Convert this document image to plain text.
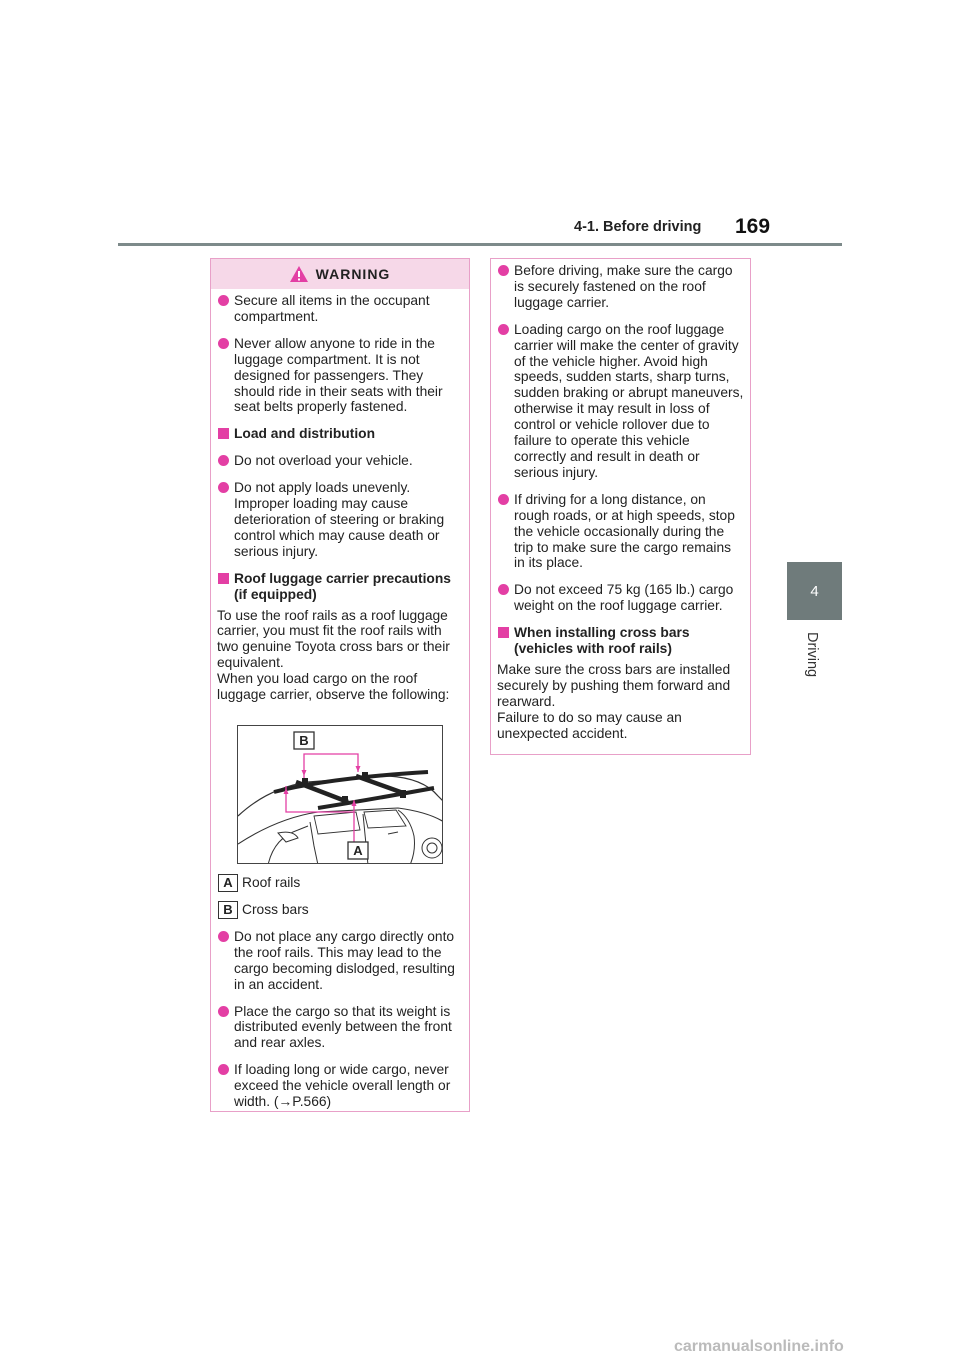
4-1. Before driving 169
4
Driving
WARNING
Secure all items in the occupant compartment.
Never allow anyone to ride in the luggage compartment. It is not designed for passengers. They should ride in their seats with their seat belts properly fastened.
Load and distribution
Do not overload your vehicle.
Do not apply loads unevenly. Improper loading may cause deterioration of steering or braking control which may cause death or serious injury.
Roof luggage carrier precautions (if equipped)
To use the roof rails as a roof luggage carrier, you must fit the roof rails with two genuine Toyota cross bars or their equivalent.
When you load cargo on the roof luggage carrier, observe the following:
B
A
A Roof rails
B Cross bars
Do not place any cargo directly onto the roof rails. This may lead to the cargo becoming dislodged, resulting in an accident.
Place the cargo so that its weight is distributed evenly between the front and rear axles.
If loading long or wide cargo, never exceed the vehicle overall length or width. (→P.566)
Before driving, make sure the cargo is securely fastened on the roof luggage carrier.
Loading cargo on the roof luggage carrier will make the center of gravity of the vehicle higher. Avoid high speeds, sudden starts, sharp turns, sudden braking or abrupt maneuvers, otherwise it may result in loss of control or vehicle rollover due to failure to operate this vehicle correctly and result in death or serious injury.
If driving for a long distance, on rough roads, or at high speeds, stop the vehicle occasionally during the trip to make sure the cargo remains in its place.
Do not exceed 75 kg (165 lb.) cargo weight on the roof luggage carrier.
When installing cross bars (vehicles with roof rails)
Make sure the cross bars are installed securely by pushing them forward and rearward.
Failure to do so may cause an unexpected accident.
carmanualsonline.info
